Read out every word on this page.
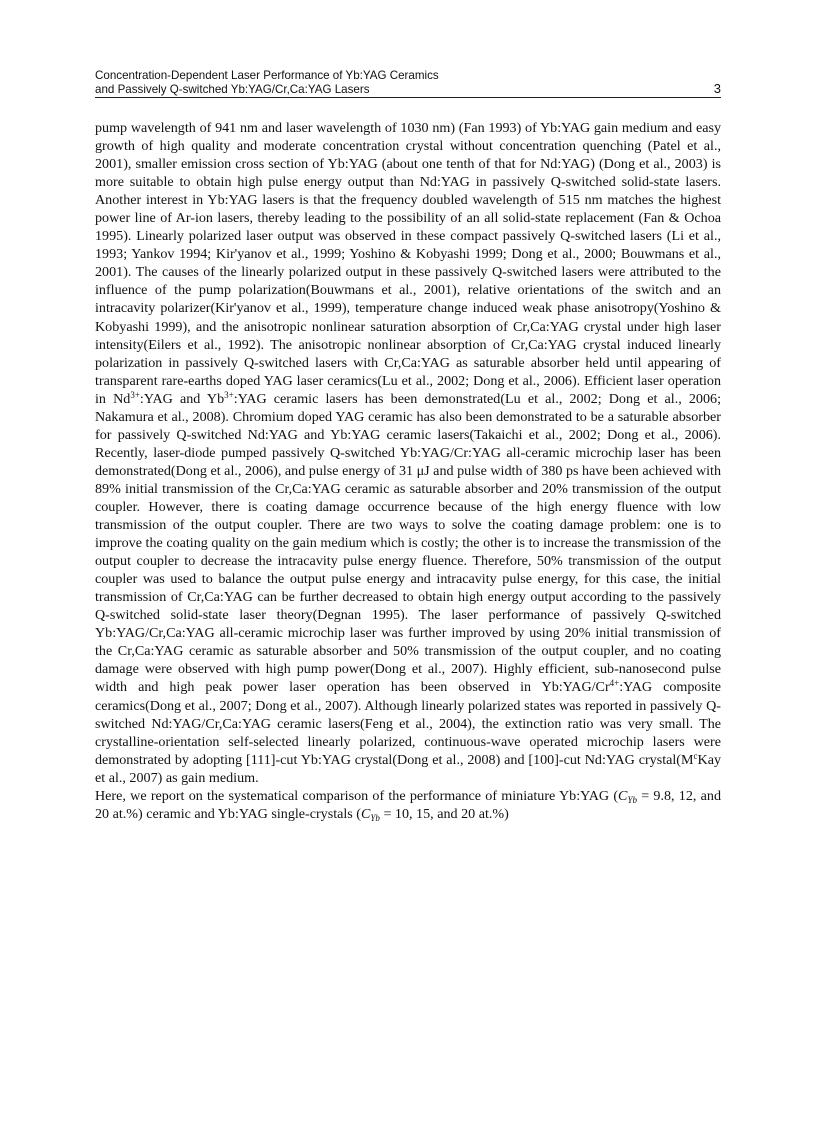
Concentration-Dependent Laser Performance of Yb:YAG Ceramics
and Passively Q-switched Yb:YAG/Cr,Ca:YAG Lasers	3

pump wavelength of 941 nm and laser wavelength of 1030 nm) (Fan 1993) of Yb:YAG gain medium and easy growth of high quality and moderate concentration crystal without concentration quenching (Patel et al., 2001), smaller emission cross section of Yb:YAG (about one tenth of that for Nd:YAG) (Dong et al., 2003) is more suitable to obtain high pulse energy output than Nd:YAG in passively Q-switched solid-state lasers. Another interest in Yb:YAG lasers is that the frequency doubled wavelength of 515 nm matches the highest power line of Ar-ion lasers, thereby leading to the possibility of an all solid-state replacement (Fan & Ochoa 1995). Linearly polarized laser output was observed in these compact passively Q-switched lasers (Li et al., 1993; Yankov 1994; Kir'yanov et al., 1999; Yoshino & Kobyashi 1999; Dong et al., 2000; Bouwmans et al., 2001). The causes of the linearly polarized output in these passively Q-switched lasers were attributed to the influence of the pump polarization(Bouwmans et al., 2001), relative orientations of the switch and an intracavity polarizer(Kir'yanov et al., 1999), temperature change induced weak phase anisotropy(Yoshino & Kobyashi 1999), and the anisotropic nonlinear saturation absorption of Cr,Ca:YAG crystal under high laser intensity(Eilers et al., 1992). The anisotropic nonlinear absorption of Cr,Ca:YAG crystal induced linearly polarization in passively Q-switched lasers with Cr,Ca:YAG as saturable absorber held until appearing of transparent rare-earths doped YAG laser ceramics(Lu et al., 2002; Dong et al., 2006). Efficient laser operation in $Nd^{3+}:YAG$ and $Yb^{3+}:YAG$ ceramic lasers has been demonstrated(Lu et al., 2002; Dong et al., 2006; Nakamura et al., 2008). Chromium doped YAG ceramic has also been demonstrated to be a saturable absorber for passively Q-switched Nd:YAG and Yb:YAG ceramic lasers(Takaichi et al., 2002; Dong et al., 2006). Recently, laser-diode pumped passively Q-switched Yb:YAG/Cr:YAG all-ceramic microchip laser has been demonstrated(Dong et al., 2006), and pulse energy of 31 μJ and pulse width of 380 ps have been achieved with 89% initial transmission of the Cr,Ca:YAG ceramic as saturable absorber and 20% transmission of the output coupler. However, there is coating damage occurrence because of the high energy fluence with low transmission of the output coupler. There are two ways to solve the coating damage problem: one is to improve the coating quality on the gain medium which is costly; the other is to increase the transmission of the output coupler to decrease the intracavity pulse energy fluence. Therefore, 50% transmission of the output coupler was used to balance the output pulse energy and intracavity pulse energy, for this case, the initial transmission of Cr,Ca:YAG can be further decreased to obtain high energy output according to the passively Q-switched solid-state laser theory(Degnan 1995). The laser performance of passively Q-switched Yb:YAG/Cr,Ca:YAG all-ceramic microchip laser was further improved by using 20% initial transmission of the Cr,Ca:YAG ceramic as saturable absorber and 50% transmission of the output coupler, and no coating damage were observed with high pump power(Dong et al., 2007). Highly efficient, sub-nanosecond pulse width and high peak power laser operation has been observed in $Yb:YAG/Cr^{4+}:YAG$ composite ceramics(Dong et al., 2007; Dong et al., 2007). Although linearly polarized states was reported in passively Q-switched Nd:YAG/Cr,Ca:YAG ceramic lasers(Feng et al., 2004), the extinction ratio was very small. The crystalline-orientation self-selected linearly polarized, continuous-wave operated microchip lasers were demonstrated by adopting [111]-cut Yb:YAG crystal(Dong et al., 2008) and [100]-cut Nd:YAG $crystal(M^cKay$ et al., 2007) as gain medium.

Here, we report on the systematical comparison of the performance of miniature Yb:YAG ($C_{Yb} = 9.8$, 12, and 20 at.%) ceramic and Yb:YAG single-crystals ($C_{Yb} = 10$, 15, and 20 at.%)
